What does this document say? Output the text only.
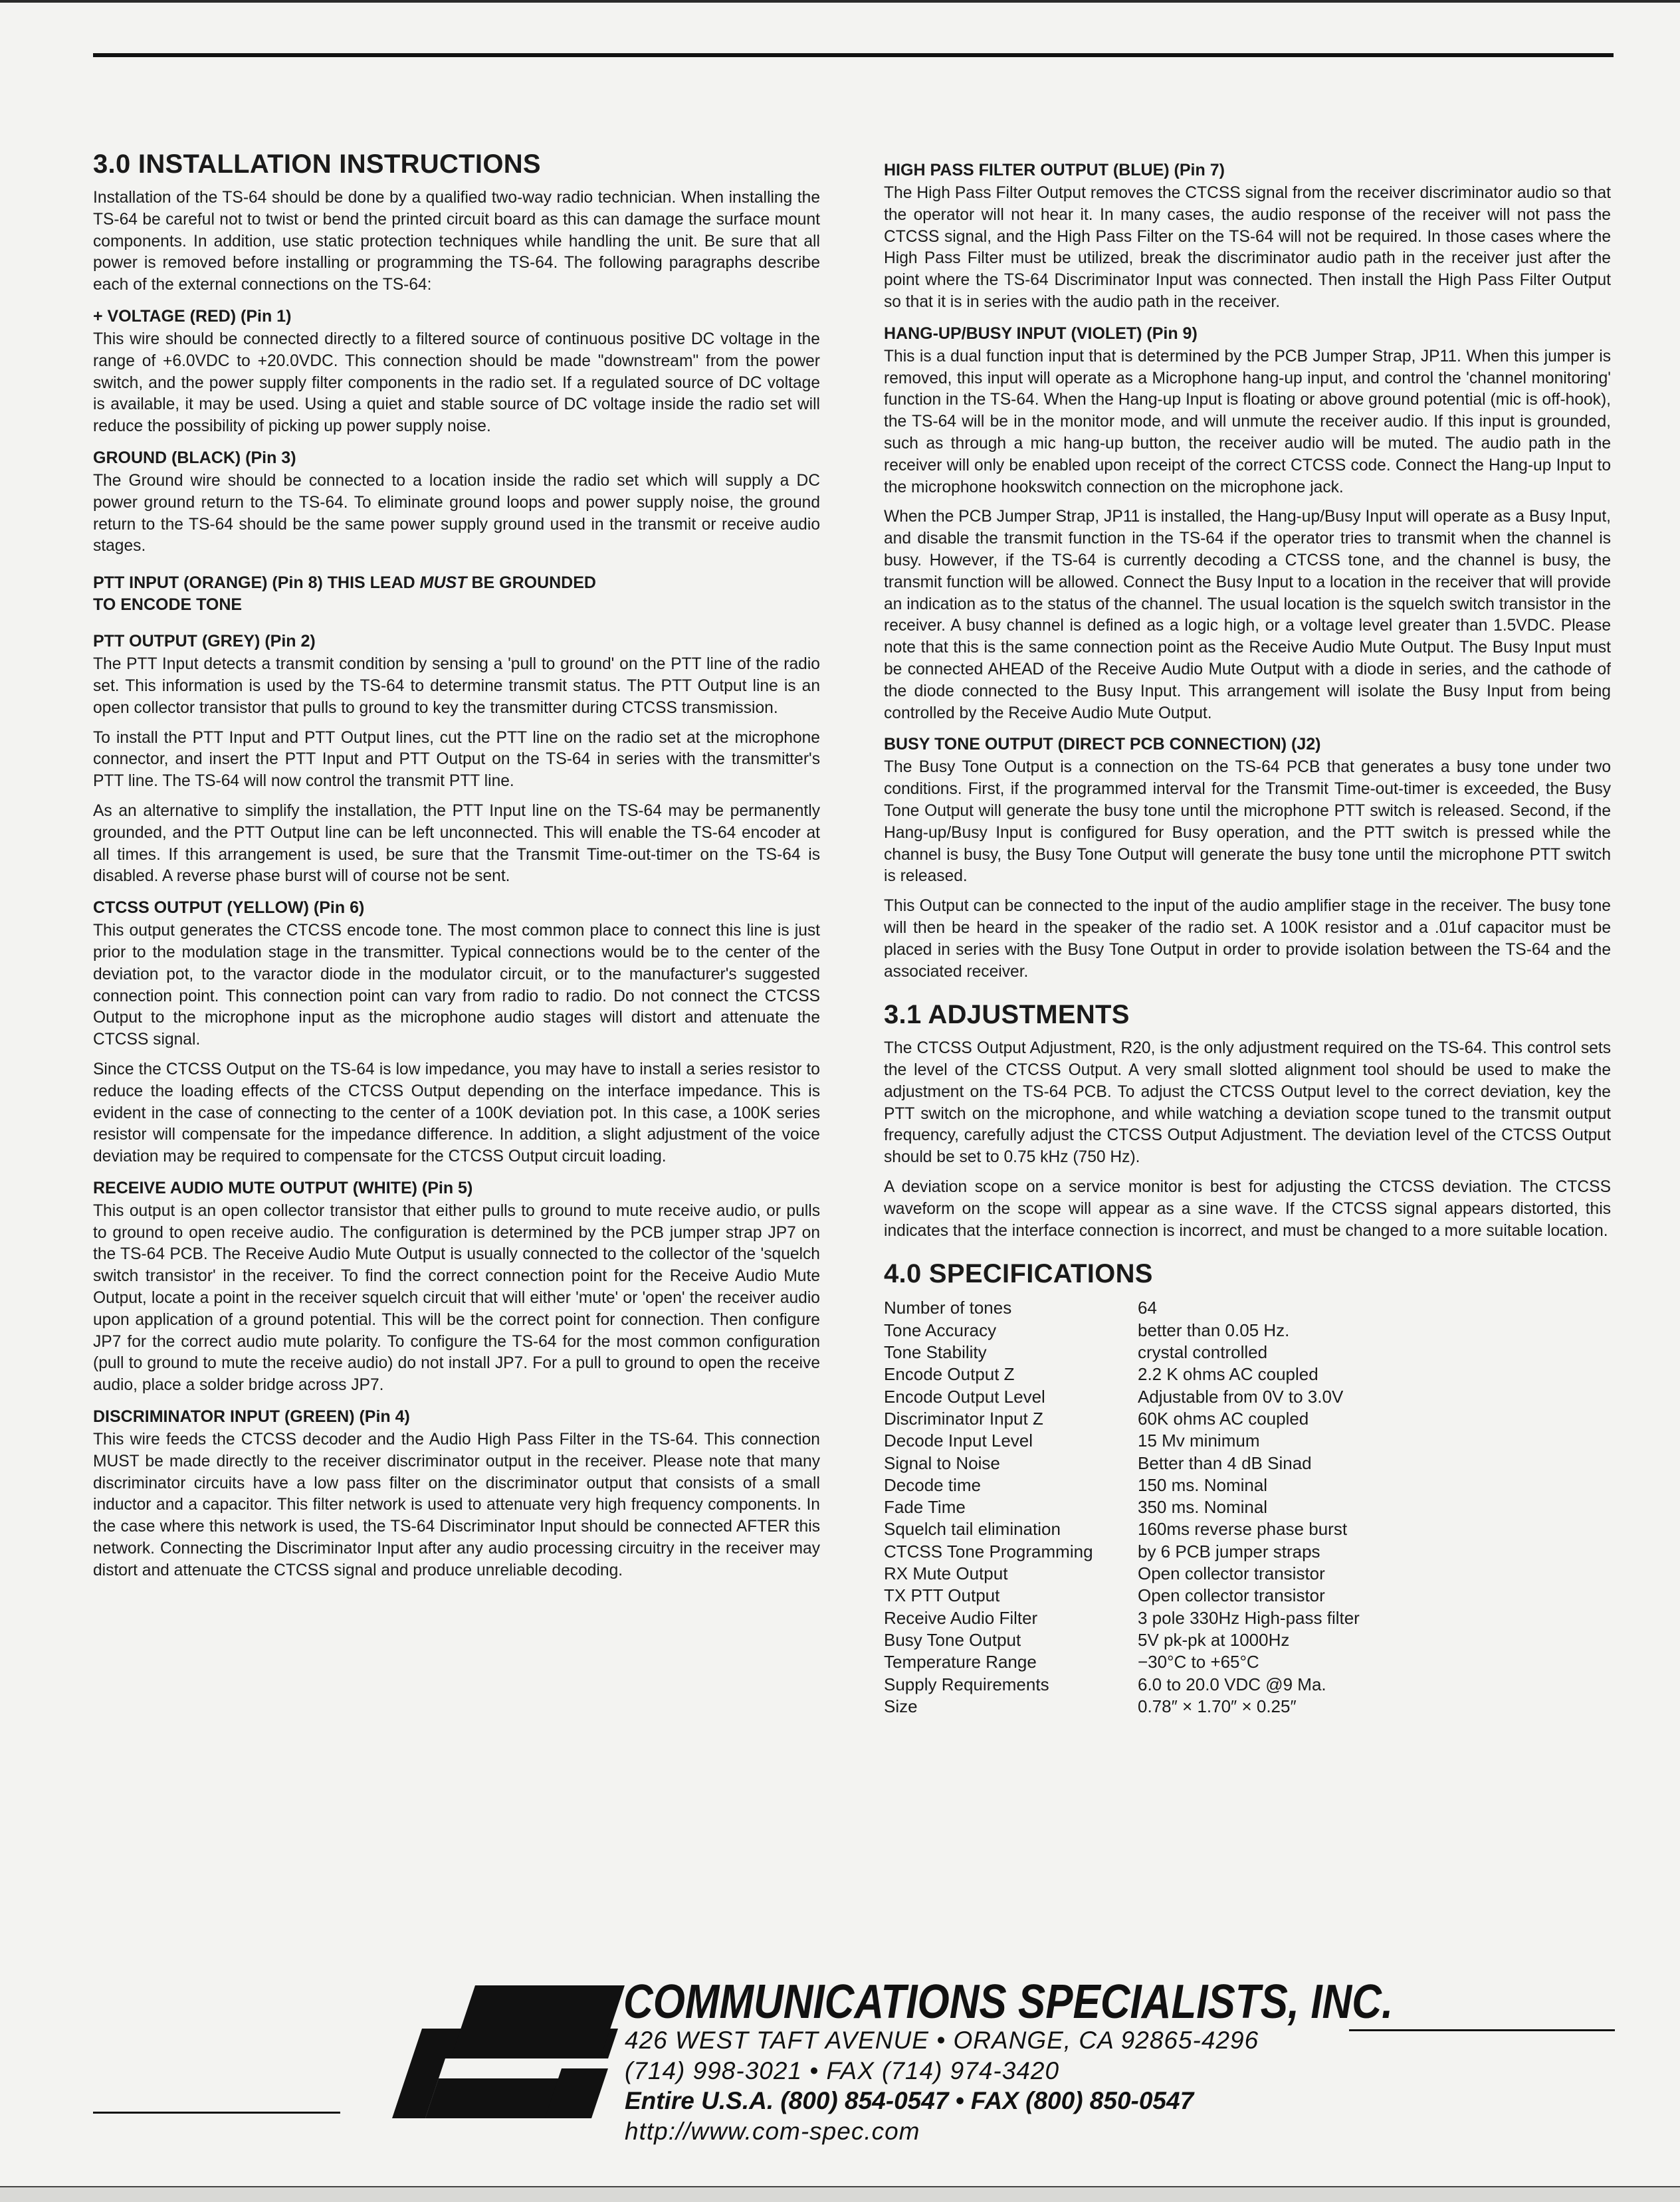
3.0 INSTALLATION INSTRUCTIONS

Installation of the TS-64 should be done by a qualified two-way radio technician. When installing the TS-64 be careful not to twist or bend the printed circuit board as this can damage the surface mount components. In addition, use static protection techniques while handling the unit. Be sure that all power is removed before installing or programming the TS-64. The following paragraphs describe each of the external connections on the TS-64:

+ VOLTAGE (RED) (Pin 1)

This wire should be connected directly to a filtered source of continuous positive DC voltage in the range of +6.0VDC to +20.0VDC. This connection should be made "downstream" from the power switch, and the power supply filter components in the radio set. If a regulated source of DC voltage is available, it may be used. Using a quiet and stable source of DC voltage inside the radio set will reduce the possibility of picking up power supply noise.

GROUND (BLACK) (Pin 3)

The Ground wire should be connected to a location inside the radio set which will supply a DC power ground return to the TS-64. To eliminate ground loops and power supply noise, the ground return to the TS-64 should be the same power supply ground used in the transmit or receive audio stages.

PTT INPUT (ORANGE) (Pin 8) THIS LEAD MUST BE GROUNDED
TO ENCODE TONE
PTT OUTPUT (GREY) (Pin 2)

The PTT Input detects a transmit condition by sensing a 'pull to ground' on the PTT line of the radio set. This information is used by the TS-64 to determine transmit status. The PTT Output line is an open collector transistor that pulls to ground to key the transmitter during CTCSS transmission.

To install the PTT Input and PTT Output lines, cut the PTT line on the radio set at the microphone connector, and insert the PTT Input and PTT Output on the TS-64 in series with the transmitter's PTT line. The TS-64 will now control the transmit PTT line.

As an alternative to simplify the installation, the PTT Input line on the TS-64 may be permanently grounded, and the PTT Output line can be left unconnected. This will enable the TS-64 encoder at all times. If this arrangement is used, be sure that the Transmit Time-out-timer on the TS-64 is disabled. A reverse phase burst will of course not be sent.

CTCSS OUTPUT (YELLOW) (Pin 6)

This output generates the CTCSS encode tone. The most common place to connect this line is just prior to the modulation stage in the transmitter. Typical connections would be to the center of the deviation pot, to the varactor diode in the modulator circuit, or to the manufacturer's suggested connection point. This connection point can vary from radio to radio. Do not connect the CTCSS Output to the microphone input as the microphone audio stages will distort and attenuate the CTCSS signal.

Since the CTCSS Output on the TS-64 is low impedance, you may have to install a series resistor to reduce the loading effects of the CTCSS Output depending on the interface impedance. This is evident in the case of connecting to the center of a 100K deviation pot. In this case, a 100K series resistor will compensate for the impedance difference. In addition, a slight adjustment of the voice deviation may be required to compensate for the CTCSS Output circuit loading.

RECEIVE AUDIO MUTE OUTPUT (WHITE) (Pin 5)

This output is an open collector transistor that either pulls to ground to mute receive audio, or pulls to ground to open receive audio. The configuration is determined by the PCB jumper strap JP7 on the TS-64 PCB. The Receive Audio Mute Output is usually connected to the collector of the 'squelch switch transistor' in the receiver. To find the correct connection point for the Receive Audio Mute Output, locate a point in the receiver squelch circuit that will either 'mute' or 'open' the receiver audio upon application of a ground potential. This will be the correct point for connection. Then configure JP7 for the correct audio mute polarity. To configure the TS-64 for the most common configuration (pull to ground to mute the receive audio) do not install JP7. For a pull to ground to open the receive audio, place a solder bridge across JP7.

DISCRIMINATOR INPUT (GREEN) (Pin 4)

This wire feeds the CTCSS decoder and the Audio High Pass Filter in the TS-64. This connection MUST be made directly to the receiver discriminator output in the receiver. Please note that many discriminator circuits have a low pass filter on the discriminator output that consists of a small inductor and a capacitor. This filter network is used to attenuate very high frequency components. In the case where this network is used, the TS-64 Discriminator Input should be connected AFTER this network. Connecting the Discriminator Input after any audio processing circuitry in the receiver may distort and attenuate the CTCSS signal and produce unreliable decoding.

HIGH PASS FILTER OUTPUT (BLUE) (Pin 7)

The High Pass Filter Output removes the CTCSS signal from the receiver discriminator audio so that the operator will not hear it. In many cases, the audio response of the receiver will not pass the CTCSS signal, and the High Pass Filter on the TS-64 will not be required. In those cases where the High Pass Filter must be utilized, break the discriminator audio path in the receiver just after the point where the TS-64 Discriminator Input was connected. Then install the High Pass Filter Output so that it is in series with the audio path in the receiver.

HANG-UP/BUSY INPUT (VIOLET) (Pin 9)

This is a dual function input that is determined by the PCB Jumper Strap, JP11. When this jumper is removed, this input will operate as a Microphone hang-up input, and control the 'channel monitoring' function in the TS-64. When the Hang-up Input is floating or above ground potential (mic is off-hook), the TS-64 will be in the monitor mode, and will unmute the receiver audio. If this input is grounded, such as through a mic hang-up button, the receiver audio will be muted. The audio path in the receiver will only be enabled upon receipt of the correct CTCSS code. Connect the Hang-up Input to the microphone hookswitch connection on the microphone jack.

When the PCB Jumper Strap, JP11 is installed, the Hang-up/Busy Input will operate as a Busy Input, and disable the transmit function in the TS-64 if the operator tries to transmit when the channel is busy. However, if the TS-64 is currently decoding a CTCSS tone, and the channel is busy, the transmit function will be allowed. Connect the Busy Input to a location in the receiver that will provide an indication as to the status of the channel. The usual location is the squelch switch transistor in the receiver. A busy channel is defined as a logic high, or a voltage level greater than 1.5VDC. Please note that this is the same connection point as the Receive Audio Mute Output. The Busy Input must be connected AHEAD of the Receive Audio Mute Output with a diode in series, and the cathode of the diode connected to the Busy Input. This arrangement will isolate the Busy Input from being controlled by the Receive Audio Mute Output.

BUSY TONE OUTPUT (DIRECT PCB CONNECTION) (J2)

The Busy Tone Output is a connection on the TS-64 PCB that generates a busy tone under two conditions. First, if the programmed interval for the Transmit Time-out-timer is exceeded, the Busy Tone Output will generate the busy tone until the microphone PTT switch is released. Second, if the Hang-up/Busy Input is configured for Busy operation, and the PTT switch is pressed while the channel is busy, the Busy Tone Output will generate the busy tone until the microphone PTT switch is released.

This Output can be connected to the input of the audio amplifier stage in the receiver. The busy tone will then be heard in the speaker of the radio set. A 100K resistor and a .01uf capacitor must be placed in series with the Busy Tone Output in order to provide isolation between the TS-64 and the associated receiver.

3.1 ADJUSTMENTS

The CTCSS Output Adjustment, R20, is the only adjustment required on the TS-64. This control sets the level of the CTCSS Output. A very small slotted alignment tool should be used to make the adjustment on the TS-64 PCB. To adjust the CTCSS Output level to the correct deviation, key the PTT switch on the microphone, and while watching a deviation scope tuned to the transmit output frequency, carefully adjust the CTCSS Output Adjustment. The deviation level of the CTCSS Output should be set to 0.75 kHz (750 Hz).

A deviation scope on a service monitor is best for adjusting the CTCSS deviation. The CTCSS waveform on the scope will appear as a sine wave. If the CTCSS signal appears distorted, this indicates that the interface connection is incorrect, and must be changed to a more suitable location.

4.0 SPECIFICATIONS
Number of tones	64
Tone Accuracy	better than 0.05 Hz.
Tone Stability	crystal controlled
Encode Output Z	2.2 K ohms AC coupled
Encode Output Level	Adjustable from 0V to 3.0V
Discriminator Input Z	60K ohms AC coupled
Decode Input Level	15 Mv minimum
Signal to Noise	Better than 4 dB Sinad
Decode time	150 ms. Nominal
Fade Time	350 ms. Nominal
Squelch tail elimination	160ms reverse phase burst
CTCSS Tone Programming	by 6 PCB jumper straps
RX Mute Output	Open collector transistor
TX PTT Output	Open collector transistor
Receive Audio Filter	3 pole 330Hz High-pass filter
Busy Tone Output	5V pk-pk at 1000Hz
Temperature Range	−30°C to +65°C
Supply Requirements	6.0 to 20.0 VDC @9 Ma.
Size	0.78″ × 1.70″ × 0.25″
COMMUNICATIONS SPECIALISTS, INC.
426 WEST TAFT AVENUE • ORANGE, CA 92865-4296
(714) 998-3021 • FAX (714) 974-3420
Entire U.S.A. (800) 854-0547 • FAX (800) 850-0547
http://www.com-spec.com
